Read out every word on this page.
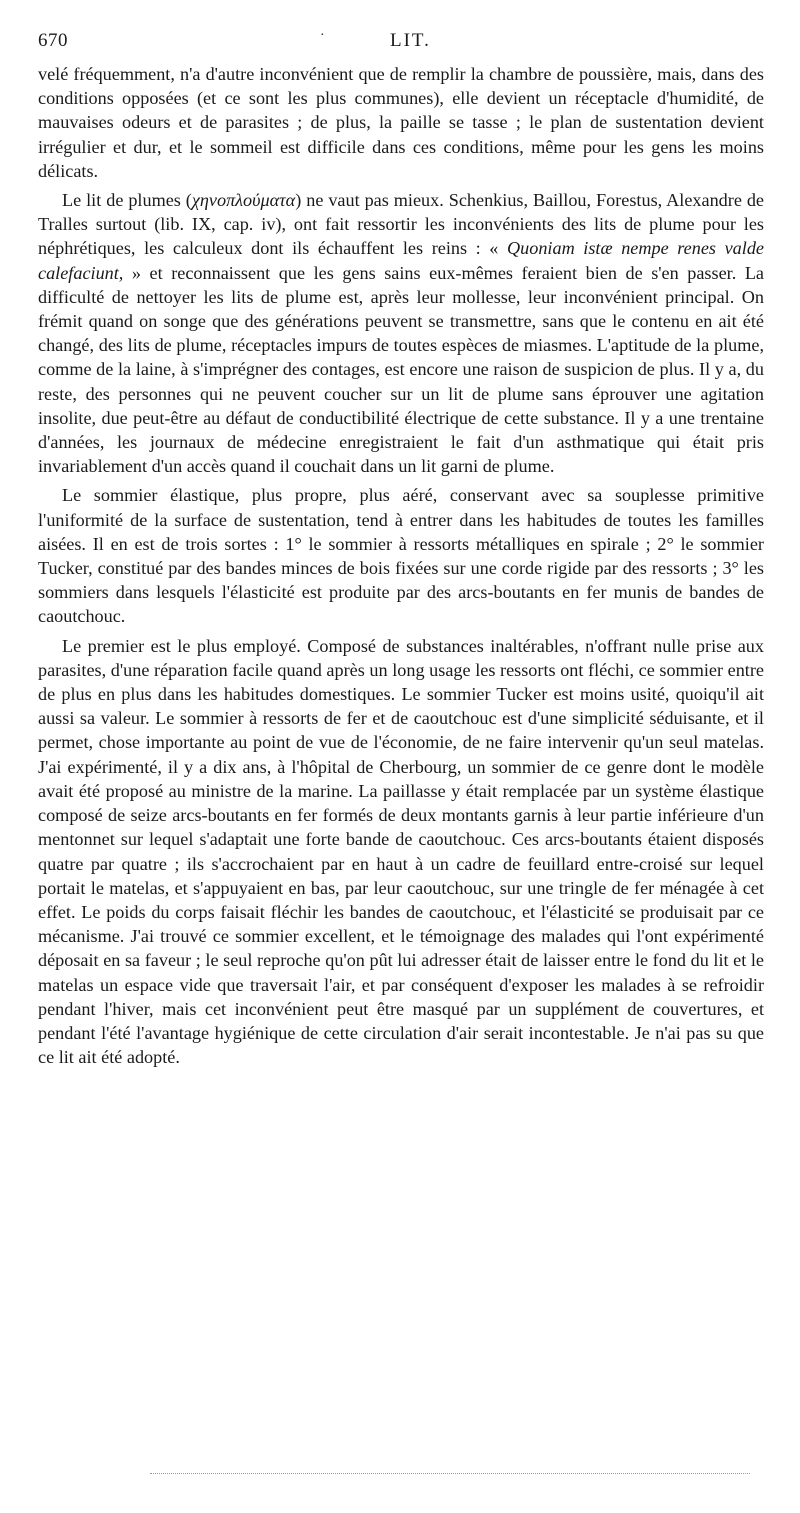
670	·	LIT.

velé fréquemment, n'a d'autre inconvénient que de remplir la chambre de poussière, mais, dans des conditions opposées (et ce sont les plus communes), elle devient un réceptacle d'humidité, de mauvaises odeurs et de parasites ; de plus, la paille se tasse ; le plan de sustentation devient irrégulier et dur, et le sommeil est difficile dans ces conditions, même pour les gens les moins délicats.

Le lit de plumes (χηνοπλούματα) ne vaut pas mieux. Schenkius, Baillou, Forestus, Alexandre de Tralles surtout (lib. IX, cap. iv), ont fait ressortir les inconvénients des lits de plume pour les néphrétiques, les calculeux dont ils échauffent les reins : « Quoniam istæ nempe renes valde calefaciunt, » et reconnaissent que les gens sains eux-mêmes feraient bien de s'en passer. La difficulté de nettoyer les lits de plume est, après leur mollesse, leur inconvénient principal. On frémit quand on songe que des générations peuvent se transmettre, sans que le contenu en ait été changé, des lits de plume, réceptacles impurs de toutes espèces de miasmes. L'aptitude de la plume, comme de la laine, à s'imprégner des contages, est encore une raison de suspicion de plus. Il y a, du reste, des personnes qui ne peuvent coucher sur un lit de plume sans éprouver une agitation insolite, due peut-être au défaut de conductibilité électrique de cette substance. Il y a une trentaine d'années, les journaux de médecine enregistraient le fait d'un asthmatique qui était pris invariablement d'un accès quand il couchait dans un lit garni de plume.

Le sommier élastique, plus propre, plus aéré, conservant avec sa souplesse primitive l'uniformité de la surface de sustentation, tend à entrer dans les habitudes de toutes les familles aisées. Il en est de trois sortes : 1° le sommier à ressorts métalliques en spirale ; 2° le sommier Tucker, constitué par des bandes minces de bois fixées sur une corde rigide par des ressorts ; 3° les sommiers dans lesquels l'élasticité est produite par des arcs-boutants en fer munis de bandes de caoutchouc.

Le premier est le plus employé. Composé de substances inaltérables, n'offrant nulle prise aux parasites, d'une réparation facile quand après un long usage les ressorts ont fléchi, ce sommier entre de plus en plus dans les habitudes domestiques. Le sommier Tucker est moins usité, quoiqu'il ait aussi sa valeur. Le sommier à ressorts de fer et de caoutchouc est d'une simplicité séduisante, et il permet, chose importante au point de vue de l'économie, de ne faire intervenir qu'un seul matelas. J'ai expérimenté, il y a dix ans, à l'hôpital de Cherbourg, un sommier de ce genre dont le modèle avait été proposé au ministre de la marine. La paillasse y était remplacée par un système élastique composé de seize arcs-boutants en fer formés de deux montants garnis à leur partie inférieure d'un mentonnet sur lequel s'adaptait une forte bande de caoutchouc. Ces arcs-boutants étaient disposés quatre par quatre ; ils s'accrochaient par en haut à un cadre de feuillard entre-croisé sur lequel portait le matelas, et s'appuyaient en bas, par leur caoutchouc, sur une tringle de fer ménagée à cet effet. Le poids du corps faisait fléchir les bandes de caoutchouc, et l'élasticité se produisait par ce mécanisme. J'ai trouvé ce sommier excellent, et le témoignage des malades qui l'ont expérimenté déposait en sa faveur ; le seul reproche qu'on pût lui adresser était de laisser entre le fond du lit et le matelas un espace vide que traversait l'air, et par conséquent d'exposer les malades à se refroidir pendant l'hiver, mais cet inconvénient peut être masqué par un supplément de couvertures, et pendant l'été l'avantage hygiénique de cette circulation d'air serait incontestable. Je n'ai pas su que ce lit ait été adopté.
